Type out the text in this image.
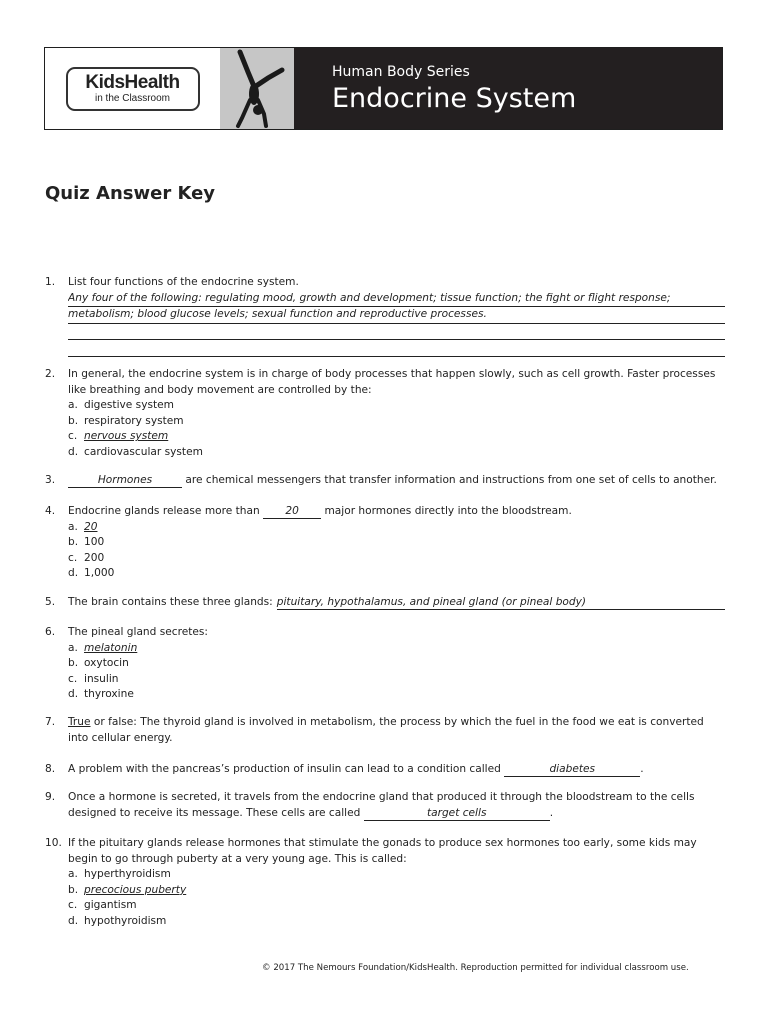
KidsHealth
in the Classroom
Human Body Series
Endocrine System
Quiz Answer Key
1. List four functions of the endocrine system.
Any four of the following: regulating mood, growth and development; tissue function; the fight or flight response;
metabolism; blood glucose levels; sexual function and reproductive processes.
2. In general, the endocrine system is in charge of body processes that happen slowly, such as cell growth. Faster processes like breathing and body movement are controlled by the:
a. digestive system
b. respiratory system
c. nervous system
d. cardiovascular system
3.	Hormones	are chemical messengers that transfer information and instructions from one set of cells to another.
4. Endocrine glands release more than 20 major hormones directly into the bloodstream.
a. 20
b. 100
c. 200
d. 1,000
5. The brain contains these three glands: pituitary, hypothalamus, and pineal gland (or pineal body)
6. The pineal gland secretes:
a. melatonin
b. oxytocin
c. insulin
d. thyroxine
7. True or false: The thyroid gland is involved in metabolism, the process by which the fuel in the food we eat is converted into cellular energy.
8. A problem with the pancreas’s production of insulin can lead to a condition called	diabetes	.
9. Once a hormone is secreted, it travels from the endocrine gland that produced it through the bloodstream to the cells
designed to receive its message. These cells are called	target cells	.
10. If the pituitary glands release hormones that stimulate the gonads to produce sex hormones too early, some kids may begin to go through puberty at a very young age. This is called:
a. hyperthyroidism
b. precocious puberty
c. gigantism
d. hypothyroidism
© 2017 The Nemours Foundation/KidsHealth. Reproduction permitted for individual classroom use.
